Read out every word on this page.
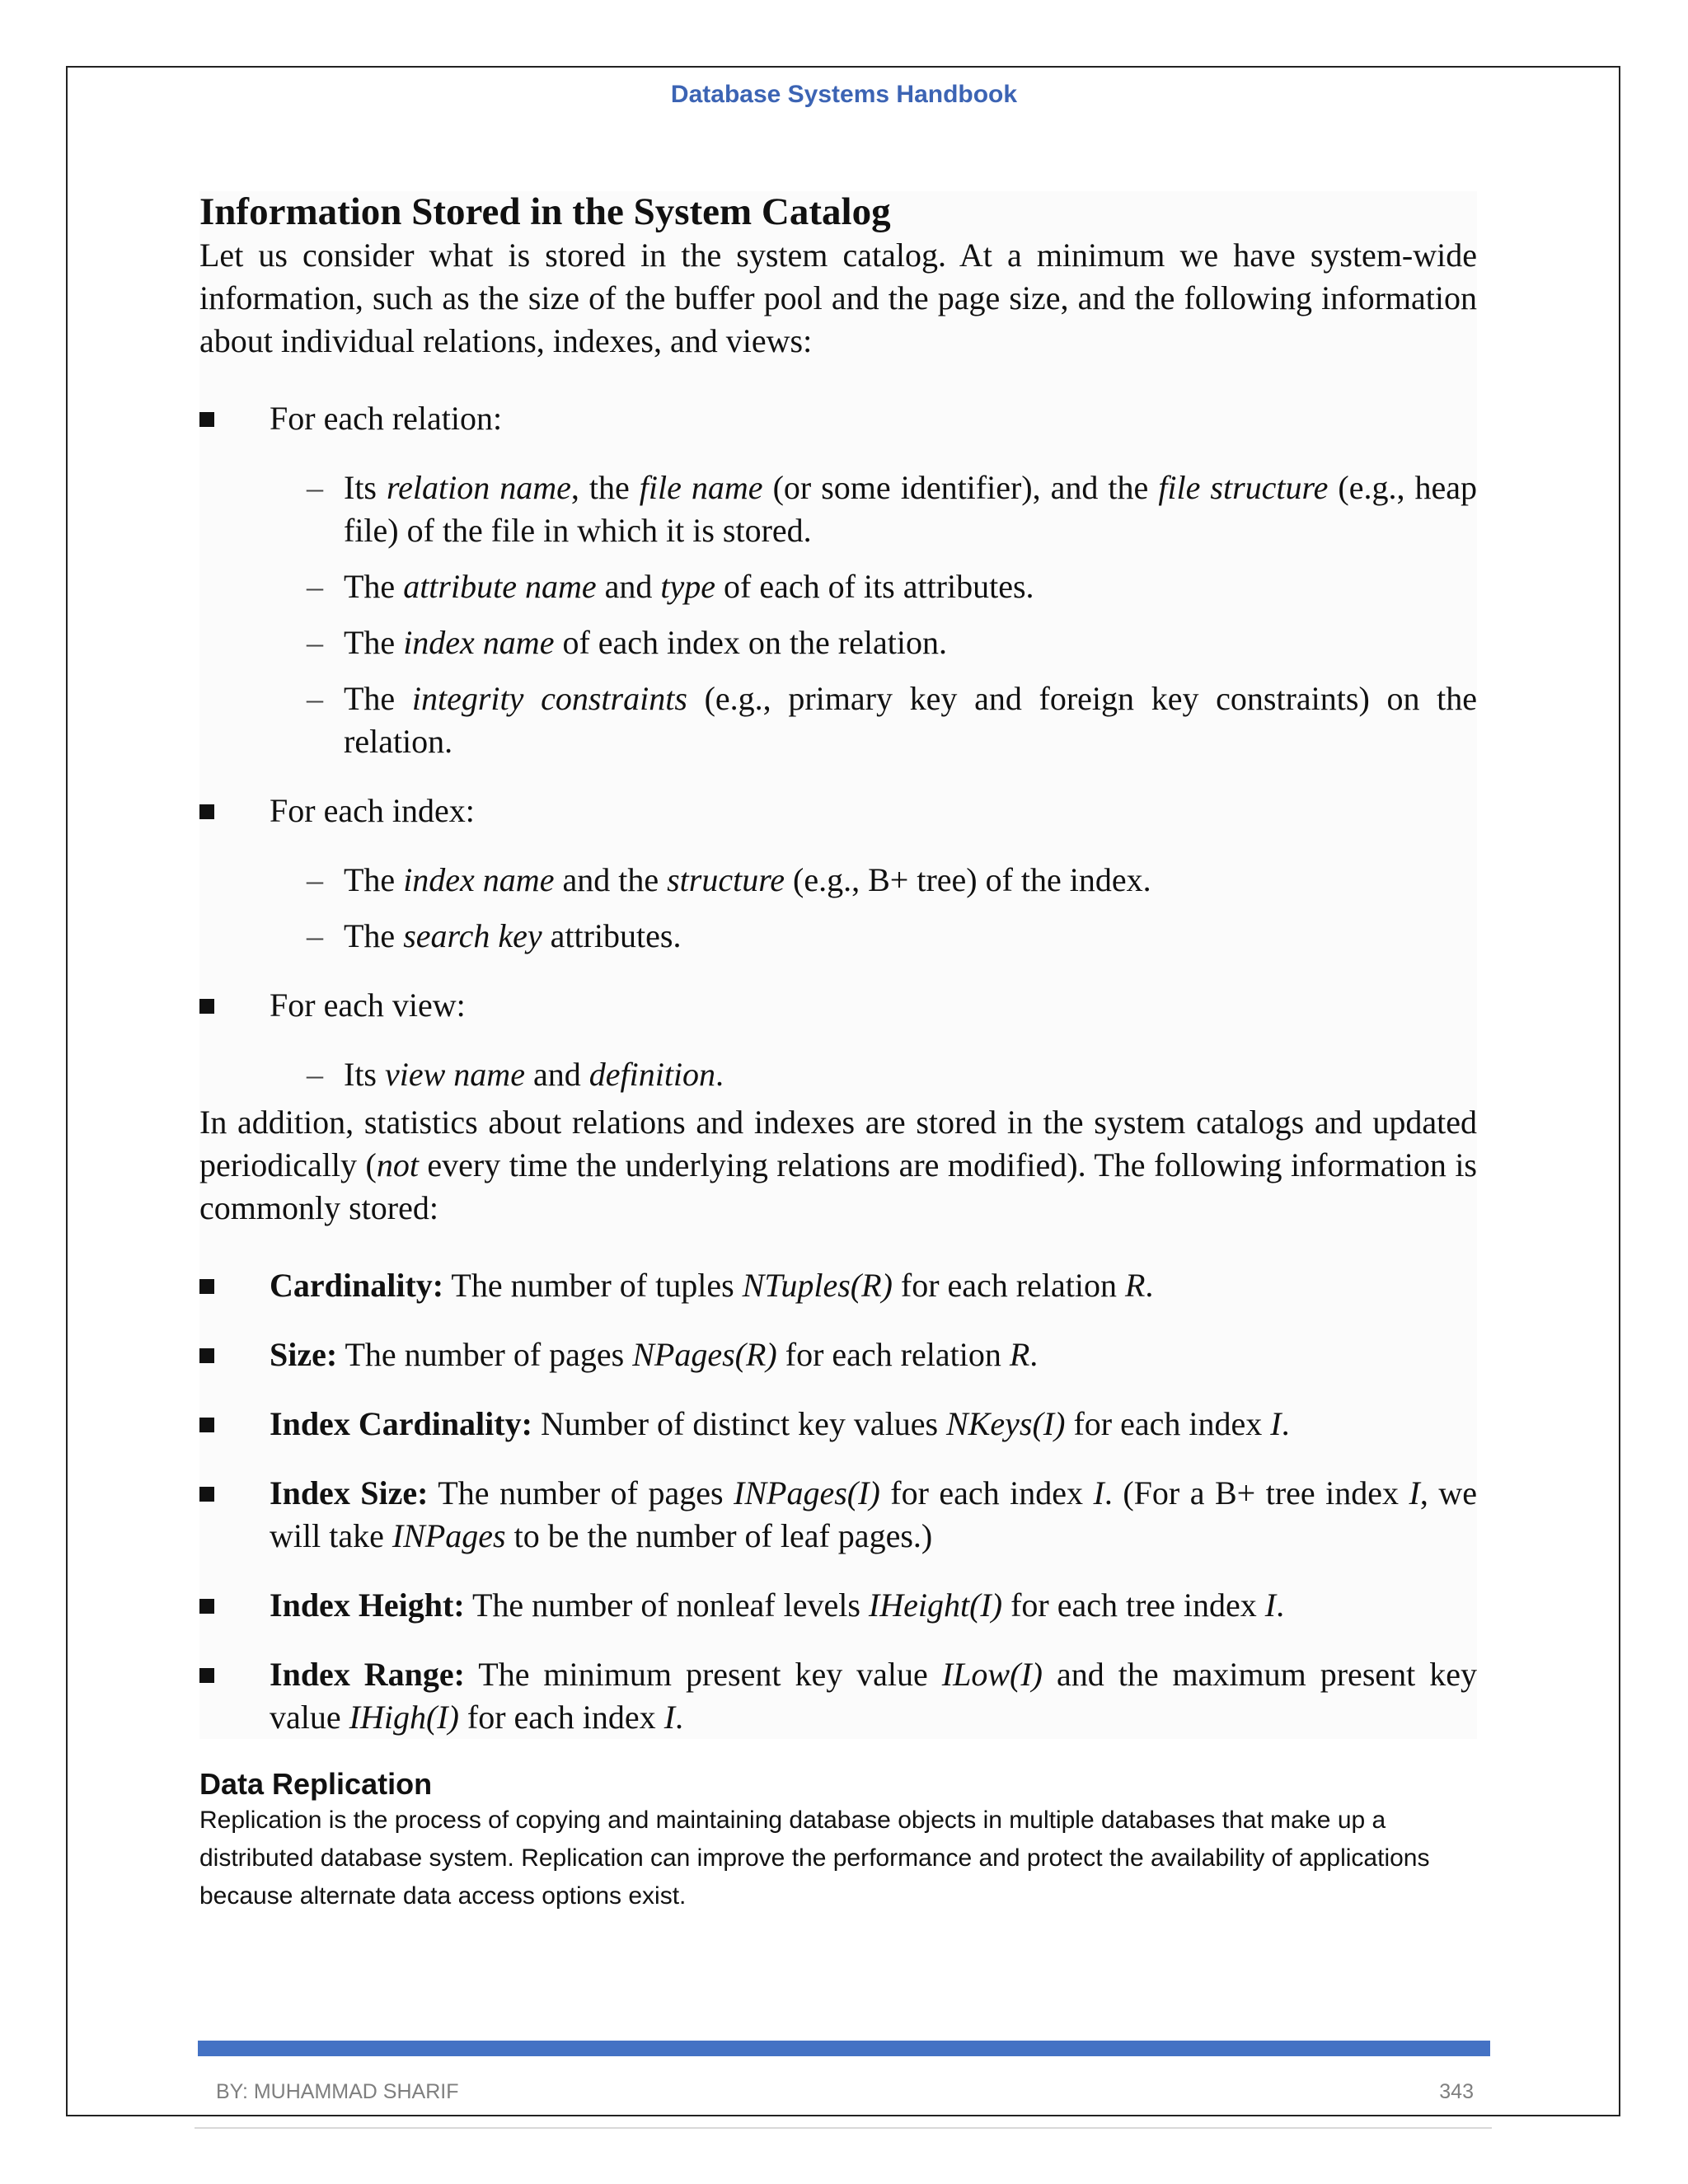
Database Systems Handbook
Information Stored in the System Catalog

Let us consider what is stored in the system catalog. At a minimum we have system-wide information, such as the size of the buffer pool and the page size, and the following information about individual relations, indexes, and views:

For each relation:
– Its relation name, the file name (or some identifier), and the file structure (e.g., heap file) of the file in which it is stored.
– The attribute name and type of each of its attributes.
– The index name of each index on the relation.
– The integrity constraints (e.g., primary key and foreign key constraints) on the relation.
For each index:
– The index name and the structure (e.g., B+ tree) of the index.
– The search key attributes.
For each view:
– Its view name and definition.

In addition, statistics about relations and indexes are stored in the system catalogs and updated periodically (not every time the underlying relations are modified). The following information is commonly stored:

Cardinality: The number of tuples NTuples(R) for each relation R.
Size: The number of pages NPages(R) for each relation R.
Index Cardinality: Number of distinct key values NKeys(I) for each index I.
Index Size: The number of pages INPages(I) for each index I. (For a B+ tree index I, we will take INPages to be the number of leaf pages.)
Index Height: The number of nonleaf levels IHeight(I) for each tree index I.
Index Range: The minimum present key value ILow(I) and the maximum present key value IHigh(I) for each index I.
Data Replication

Replication is the process of copying and maintaining database objects in multiple databases that make up a distributed database system. Replication can improve the performance and protect the availability of applications because alternate data access options exist.

BY: MUHAMMAD SHARIF	343
